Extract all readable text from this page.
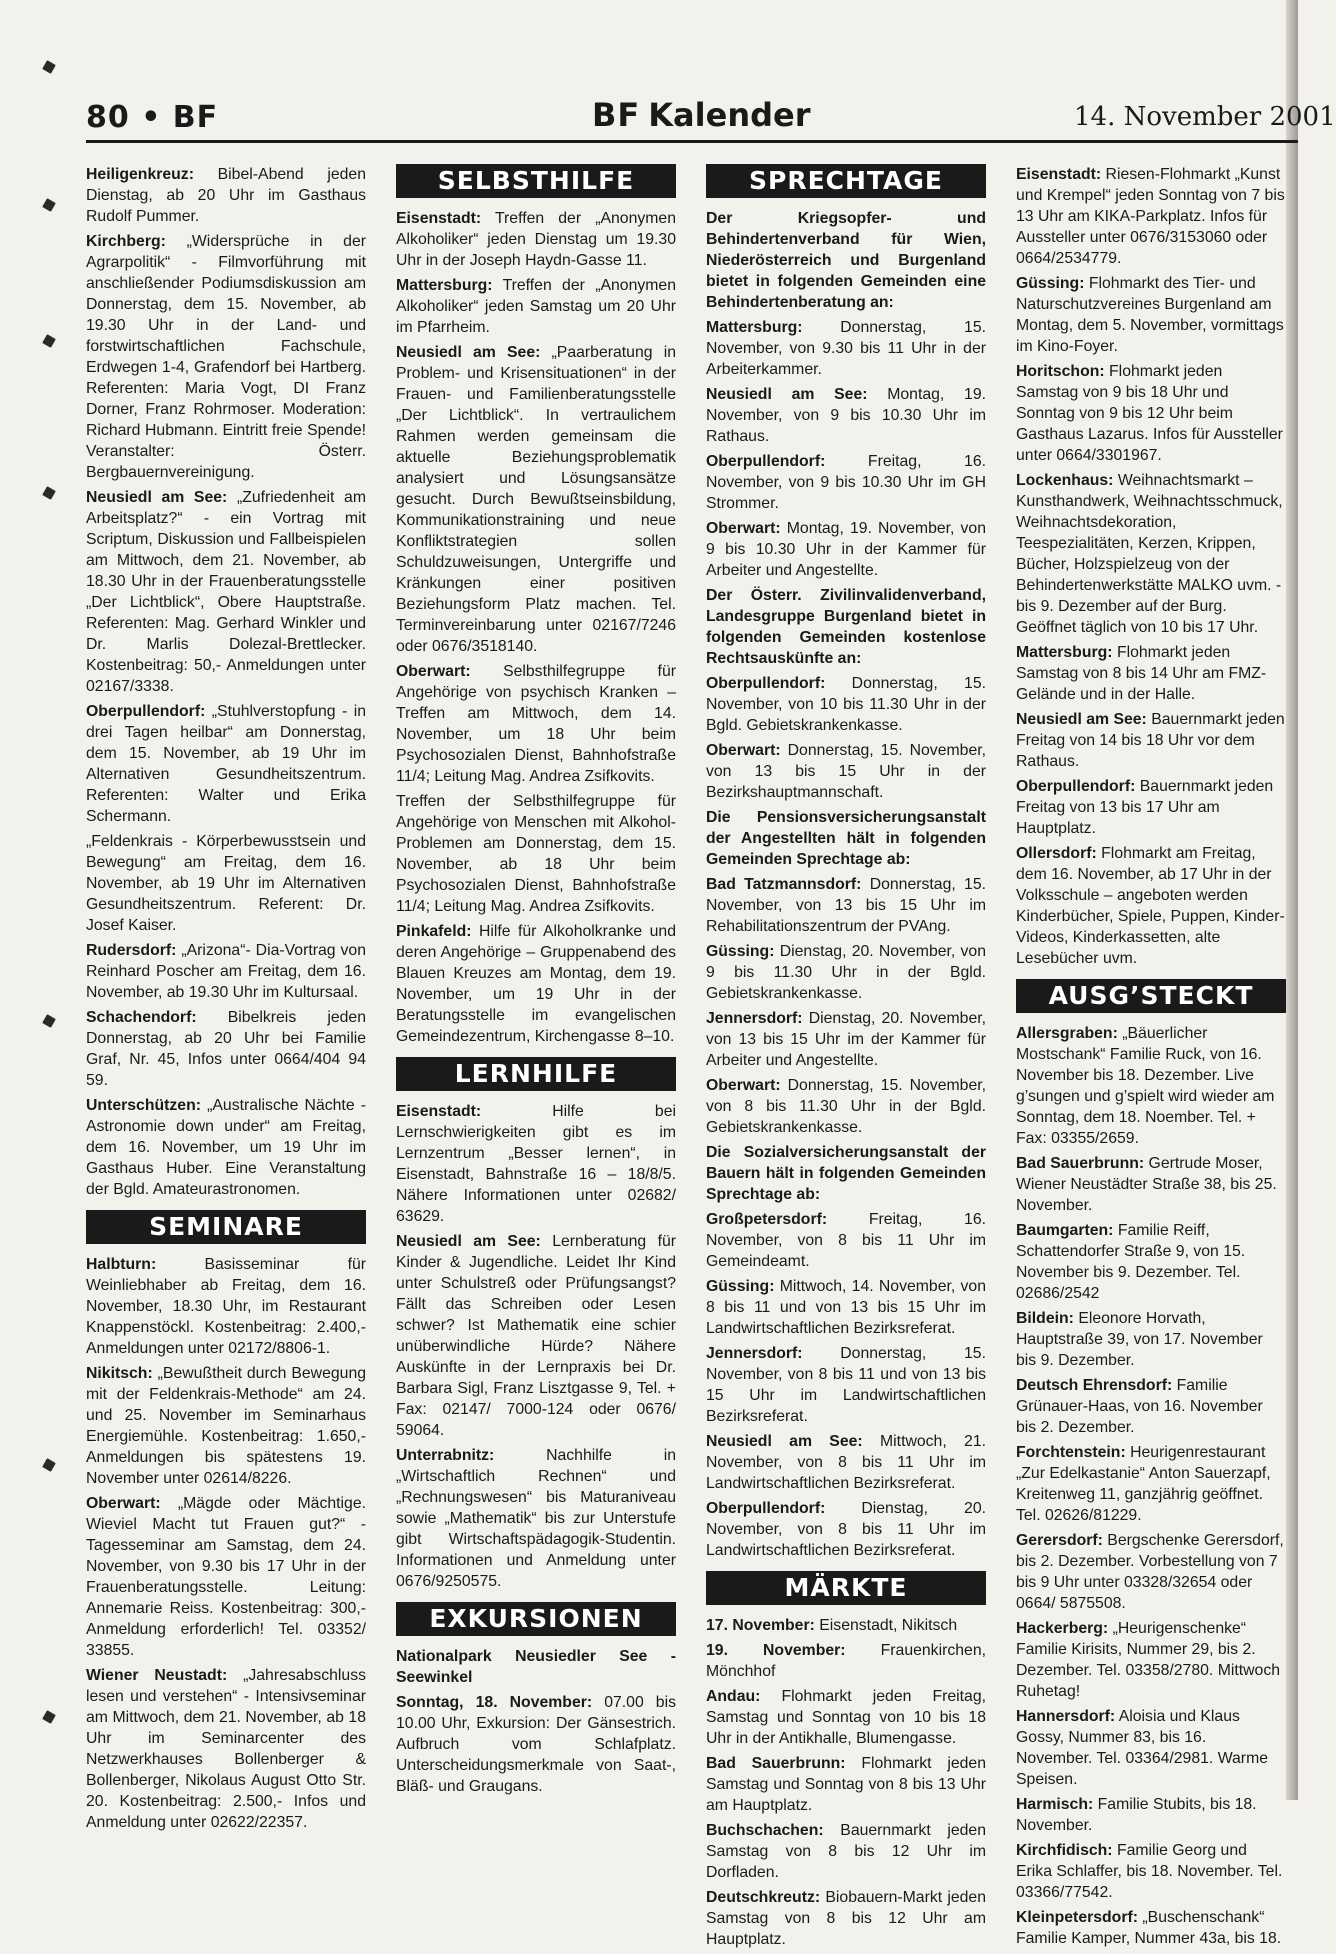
80 • BF	BF Kalender	14. November 2001

Heiligenkreuz: Bibel-Abend jeden Dienstag, ab 20 Uhr im Gasthaus Rudolf Pummer.

Kirchberg: „Widersprüche in der Agrarpolitik“ - Filmvorführung mit anschließender Podiumsdiskussion am Donnerstag, dem 15. November, ab 19.30 Uhr in der Land- und forstwirtschaftlichen Fachschule, Erdwegen 1-4, Grafendorf bei Hartberg. Referenten: Maria Vogt, DI Franz Dorner, Franz Rohrmoser. Moderation: Richard Hubmann. Eintritt freie Spende! Veranstalter: Österr. Bergbauernvereinigung.

Neusiedl am See: „Zufriedenheit am Arbeitsplatz?“ - ein Vortrag mit Scriptum, Diskussion und Fallbeispielen am Mittwoch, dem 21. November, ab 18.30 Uhr in der Frauenberatungsstelle „Der Lichtblick“, Obere Hauptstraße. Referenten: Mag. Gerhard Winkler und Dr. Marlis Dolezal-Brettlecker. Kostenbeitrag: 50,- Anmeldungen unter 02167/3338.

Oberpullendorf: „Stuhlverstopfung - in drei Tagen heilbar“ am Donnerstag, dem 15. November, ab 19 Uhr im Alternativen Gesundheitszentrum. Referenten: Walter und Erika Schermann.

„Feldenkrais - Körperbewusstsein und Bewegung“ am Freitag, dem 16. November, ab 19 Uhr im Alternativen Gesundheitszentrum. Referent: Dr. Josef Kaiser.

Rudersdorf: „Arizona“- Dia-Vortrag von Reinhard Poscher am Freitag, dem 16. November, ab 19.30 Uhr im Kultursaal.

Schachendorf: Bibelkreis jeden Donnerstag, ab 20 Uhr bei Familie Graf, Nr. 45, Infos unter 0664/404 94 59.

Unterschützen: „Australische Nächte - Astronomie down under“ am Freitag, dem 16. November, um 19 Uhr im Gasthaus Huber. Eine Veranstaltung der Bgld. Amateurastronomen.

SEMINARE

Halbturn:	Basisseminar für Weinliebhaber ab Freitag, dem 16. November, 18.30 Uhr, im Restaurant Knappenstöckl. Kostenbeitrag: 2.400,- Anmeldungen unter 02172/8806-1.

Nikitsch: „Bewußtheit durch Bewegung mit der Feldenkrais-Methode“ am 24. und 25. November im Seminarhaus Energiemühle. Kostenbeitrag: 1.650,- Anmeldungen bis spätestens 19. November unter 02614/8226.

Oberwart: „Mägde oder Mächtige. Wieviel Macht tut Frauen gut?“ - Tagesseminar am Samstag, dem 24. November, von 9.30 bis 17 Uhr in der Frauenberatungsstelle. Leitung: Annemarie Reiss. Kostenbeitrag: 300,- Anmeldung erforderlich! Tel. 03352/ 33855.

Wiener Neustadt: „Jahresabschluss lesen und verstehen“ - Intensivseminar am Mittwoch, dem 21. November, ab 18 Uhr im Seminarcenter des Netzwerkhauses Bollenberger & Bollenberger, Nikolaus August Otto Str. 20. Kostenbeitrag: 2.500,- Infos und Anmeldung unter 02622/22357.

SELBSTHILFE

Eisenstadt: Treffen der „Anonymen Alkoholiker“ jeden Dienstag um 19.30 Uhr in der Joseph Haydn-Gasse 11.

Mattersburg: Treffen der „Anonymen Alkoholiker“ jeden Samstag um 20 Uhr im Pfarrheim.

Neusiedl am See: „Paarberatung in Problem- und Krisensituationen“ in der Frauen- und Familienberatungsstelle „Der Lichtblick“. In vertraulichem Rahmen werden gemeinsam die aktuelle Beziehungsproblematik analysiert und Lösungsansätze gesucht. Durch Bewußtseinsbildung, Kommunikationstraining und neue Konfliktstrategien sollen Schuldzuweisungen, Untergriffe und Kränkungen einer positiven Beziehungsform Platz machen. Tel. Terminvereinbarung unter 02167/7246 oder 0676/3518140.

Oberwart: Selbsthilfegruppe für Angehörige von psychisch Kranken – Treffen am Mittwoch, dem 14. November, um 18 Uhr beim Psychosozialen Dienst, Bahnhofstraße 11/4; Leitung Mag. Andrea Zsifkovits.

Treffen der Selbsthilfegruppe für Angehörige von Menschen mit Alkohol-Problemen am Donnerstag, dem 15. November, ab 18 Uhr beim Psychosozialen Dienst, Bahnhofstraße 11/4; Leitung Mag. Andrea Zsifkovits.

Pinkafeld: Hilfe für Alkoholkranke und deren Angehörige – Gruppenabend des Blauen Kreuzes am Montag, dem 19. November, um 19 Uhr in der Beratungsstelle im evangelischen Gemeindezentrum, Kirchengasse 8–10.

LERNHILFE

Eisenstadt:	Hilfe bei Lernschwierigkeiten gibt es im Lernzentrum „Besser lernen“, in Eisenstadt, Bahnstraße 16 – 18/8/5. Nähere Informationen unter 02682/ 63629.

Neusiedl am See: Lernberatung für Kinder & Jugendliche. Leidet Ihr Kind unter Schulstreß oder Prüfungsangst? Fällt das Schreiben oder Lesen schwer? Ist Mathematik eine schier unüberwindliche Hürde? Nähere Auskünfte in der Lernpraxis bei Dr. Barbara Sigl, Franz Lisztgasse 9, Tel. + Fax: 02147/ 7000-124 oder 0676/ 59064.

Unterrabnitz:	Nachhilfe in „Wirtschaftlich Rechnen“ und „Rechnungswesen“ bis Maturaniveau sowie „Mathematik“ bis zur Unterstufe gibt Wirtschaftspädagogik-Studentin. Informationen und Anmeldung unter 0676/9250575.

EXKURSIONEN

Nationalpark Neusiedler See - Seewinkel

Sonntag, 18. November: 07.00 bis 10.00 Uhr, Exkursion: Der Gänsestrich. Aufbruch vom Schlafplatz. Unterscheidungsmerkmale von Saat-, Bläß- und Graugans.

SPRECHTAGE

Der Kriegsopfer- und Behindertenverband für Wien, Niederösterreich und Burgenland bietet in folgenden Gemeinden eine Behindertenberatung an:

Mattersburg: Donnerstag, 15. November, von 9.30 bis 11 Uhr in der Arbeiterkammer.

Neusiedl am See: Montag, 19. November, von 9 bis 10.30 Uhr im Rathaus.

Oberpullendorf:	Freitag, 16. November, von 9 bis 10.30 Uhr im GH Strommer.

Oberwart: Montag, 19. November, von 9 bis 10.30 Uhr in der Kammer für Arbeiter und Angestellte.

Der Österr. Zivilinvalidenverband, Landesgruppe Burgenland bietet in folgenden Gemeinden kostenlose Rechtsauskünfte an:

Oberpullendorf: Donnerstag, 15. November, von 10 bis 11.30 Uhr in der Bgld. Gebietskrankenkasse.

Oberwart: Donnerstag, 15. November, von 13 bis 15 Uhr in der Bezirkshauptmannschaft.

Die Pensionsversicherungsanstalt der Angestellten hält in folgenden Gemeinden Sprechtage ab:

Bad Tatzmannsdorf: Donnerstag, 15. November, von 13 bis 15 Uhr im Rehabilitationszentrum der PVAng.

Güssing: Dienstag, 20. November, von 9 bis 11.30 Uhr in der Bgld. Gebietskrankenkasse.

Jennersdorf: Dienstag, 20. November, von 13 bis 15 Uhr im der Kammer für Arbeiter und Angestellte.

Oberwart: Donnerstag, 15. November, von 8 bis 11.30 Uhr in der Bgld. Gebietskrankenkasse.

Die Sozialversicherungsanstalt der Bauern hält in folgenden Gemeinden Sprechtage ab:

Großpetersdorf:	Freitag, 16. November, von 8 bis 11 Uhr im Gemeindeamt.

Güssing: Mittwoch, 14. November, von 8 bis 11 und von 13 bis 15 Uhr im Landwirtschaftlichen Bezirksreferat.

Jennersdorf: Donnerstag, 15. November, von 8 bis 11 und von 13 bis 15 Uhr im Landwirtschaftlichen Bezirksreferat.

Neusiedl am See: Mittwoch, 21. November, von 8 bis 11 Uhr im Landwirtschaftlichen Bezirksreferat.

Oberpullendorf: Dienstag, 20. November, von 8 bis 11 Uhr im Landwirtschaftlichen Bezirksreferat.

MÄRKTE

17. November: Eisenstadt, Nikitsch

19. November: Frauenkirchen, Mönchhof

Andau: Flohmarkt jeden Freitag, Samstag und Sonntag von 10 bis 18 Uhr in der Antikhalle, Blumengasse.

Bad Sauerbrunn: Flohmarkt jeden Samstag und Sonntag von 8 bis 13 Uhr am Hauptplatz.

Buchschachen: Bauernmarkt jeden Samstag von 8 bis 12 Uhr im Dorfladen.

Deutschkreutz: Biobauern-Markt jeden Samstag von 8 bis 12 Uhr am Hauptplatz.

Eisenstadt: Riesen-Flohmarkt „Kunst und Krempel“ jeden Sonntag von 7 bis 13 Uhr am KIKA-Parkplatz. Infos für Aussteller unter 0676/3153060 oder 0664/2534779.

Güssing: Flohmarkt des Tier- und Naturschutzvereines Burgenland am Montag, dem 5. November, vormittags im Kino-Foyer.

Horitschon: Flohmarkt jeden Samstag von 9 bis 18 Uhr und Sonntag von 9 bis 12 Uhr beim Gasthaus Lazarus. Infos für Aussteller unter 0664/3301967.

Lockenhaus: Weihnachtsmarkt – Kunsthandwerk, Weihnachtsschmuck, Weihnachtsdekoration, Teespezialitäten, Kerzen, Krippen, Bücher, Holzspielzeug von der Behindertenwerkstätte MALKO uvm. - bis 9. Dezember auf der Burg. Geöffnet täglich von 10 bis 17 Uhr.

Mattersburg: Flohmarkt jeden Samstag von 8 bis 14 Uhr am FMZ-Gelände und in der Halle.

Neusiedl am See: Bauernmarkt jeden Freitag von 14 bis 18 Uhr vor dem Rathaus.

Oberpullendorf: Bauernmarkt jeden Freitag von 13 bis 17 Uhr am Hauptplatz.

Ollersdorf: Flohmarkt am Freitag, dem 16. November, ab 17 Uhr in der Volksschule – angeboten werden Kinderbücher, Spiele, Puppen, Kinder-Videos, Kinderkassetten, alte Lesebücher uvm.

AUSG’STECKT

Allersgraben: „Bäuerlicher Mostschank“ Familie Ruck, von 16. November bis 18. Dezember. Live g’sungen und g’spielt wird wieder am Sonntag, dem 18. Noember. Tel. + Fax: 03355/2659.

Bad Sauerbrunn: Gertrude Moser, Wiener Neustädter Straße 38, bis 25. November.

Baumgarten: Familie Reiff, Schattendorfer Straße 9, von 15. November bis 9. Dezember. Tel. 02686/2542

Bildein: Eleonore Horvath, Hauptstraße 39, von 17. November bis 9. Dezember.

Deutsch Ehrensdorf: Familie Grünauer-Haas, von 16. November bis 2. Dezember.

Forchtenstein: Heurigenrestaurant „Zur Edelkastanie“ Anton Sauerzapf, Kreitenweg 11, ganzjährig geöffnet. Tel. 02626/81229.

Gerersdorf: Bergschenke Gerersdorf, bis 2. Dezember. Vorbestellung von 7 bis 9 Uhr unter 03328/32654 oder 0664/ 5875508.

Hackerberg: „Heurigenschenke“ Familie Kirisits, Nummer 29, bis 2. Dezember. Tel. 03358/2780. Mittwoch Ruhetag!

Hannersdorf: Aloisia und Klaus Gossy, Nummer 83, bis 16. November. Tel. 03364/2981. Warme Speisen.

Harmisch: Familie Stubits, bis 18. November.

Kirchfidisch: Familie Georg und Erika Schlaffer, bis 18. November. Tel. 03366/77542.

Kleinpetersdorf: „Buschenschank“ Familie Kamper, Nummer 43a, bis 18.
